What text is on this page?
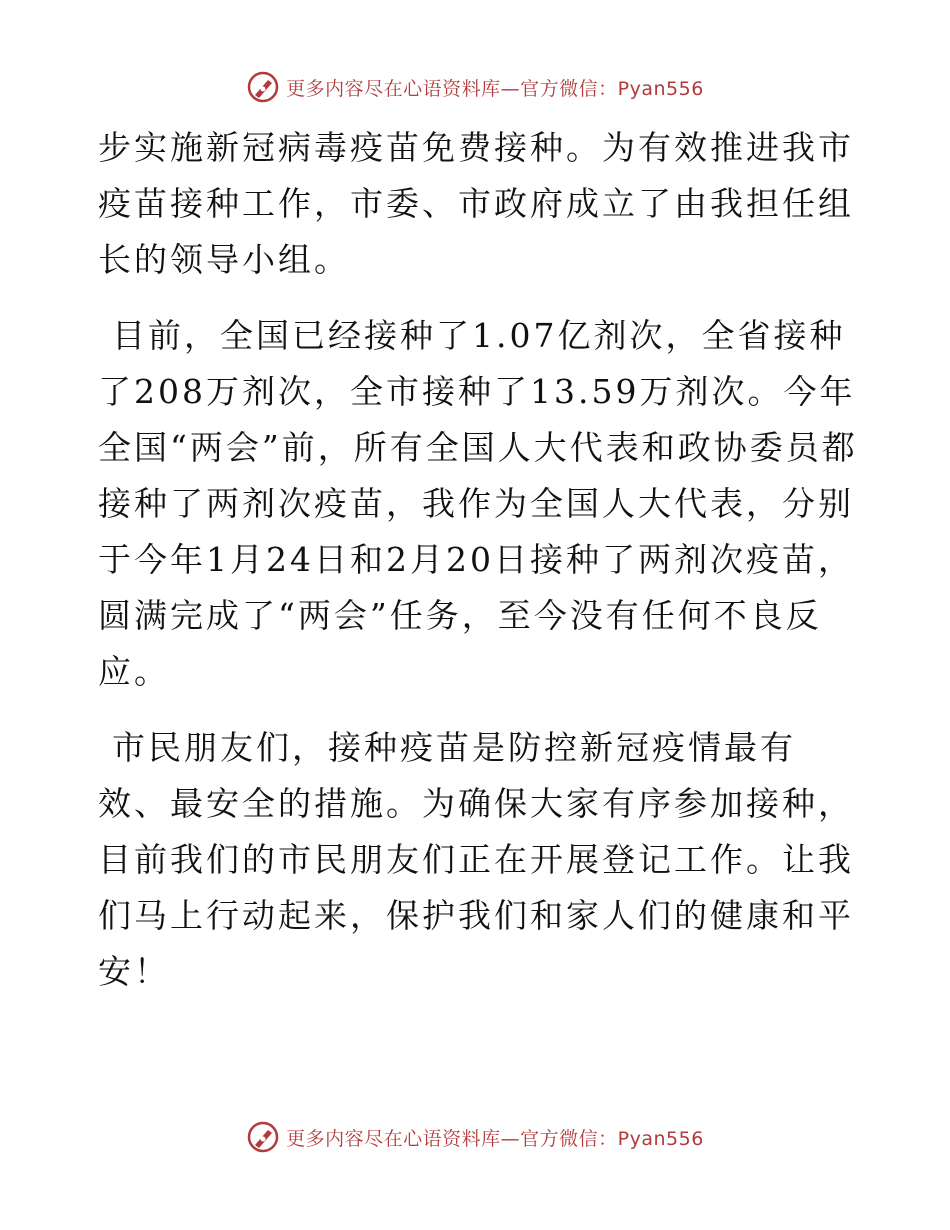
更多内容尽在心语资料库—官方微信：Pyan556

步实施新冠病毒疫苗免费接种。为有效推进我市疫苗接种工作，市委、市政府成立了由我担任组长的领导小组。

目前，全国已经接种了1.07亿剂次，全省接种了208万剂次，全市接种了13.59万剂次。今年全国“两会”前，所有全国人大代表和政协委员都接种了两剂次疫苗，我作为全国人大代表，分别于今年1月24日和2月20日接种了两剂次疫苗，圆满完成了“两会”任务，至今没有任何不良反应。

市民朋友们，接种疫苗是防控新冠疫情最有效、最安全的措施。为确保大家有序参加接种，目前我们的市民朋友们正在开展登记工作。让我们马上行动起来，保护我们和家人们的健康和平安！

更多内容尽在心语资料库—官方微信：Pyan556
